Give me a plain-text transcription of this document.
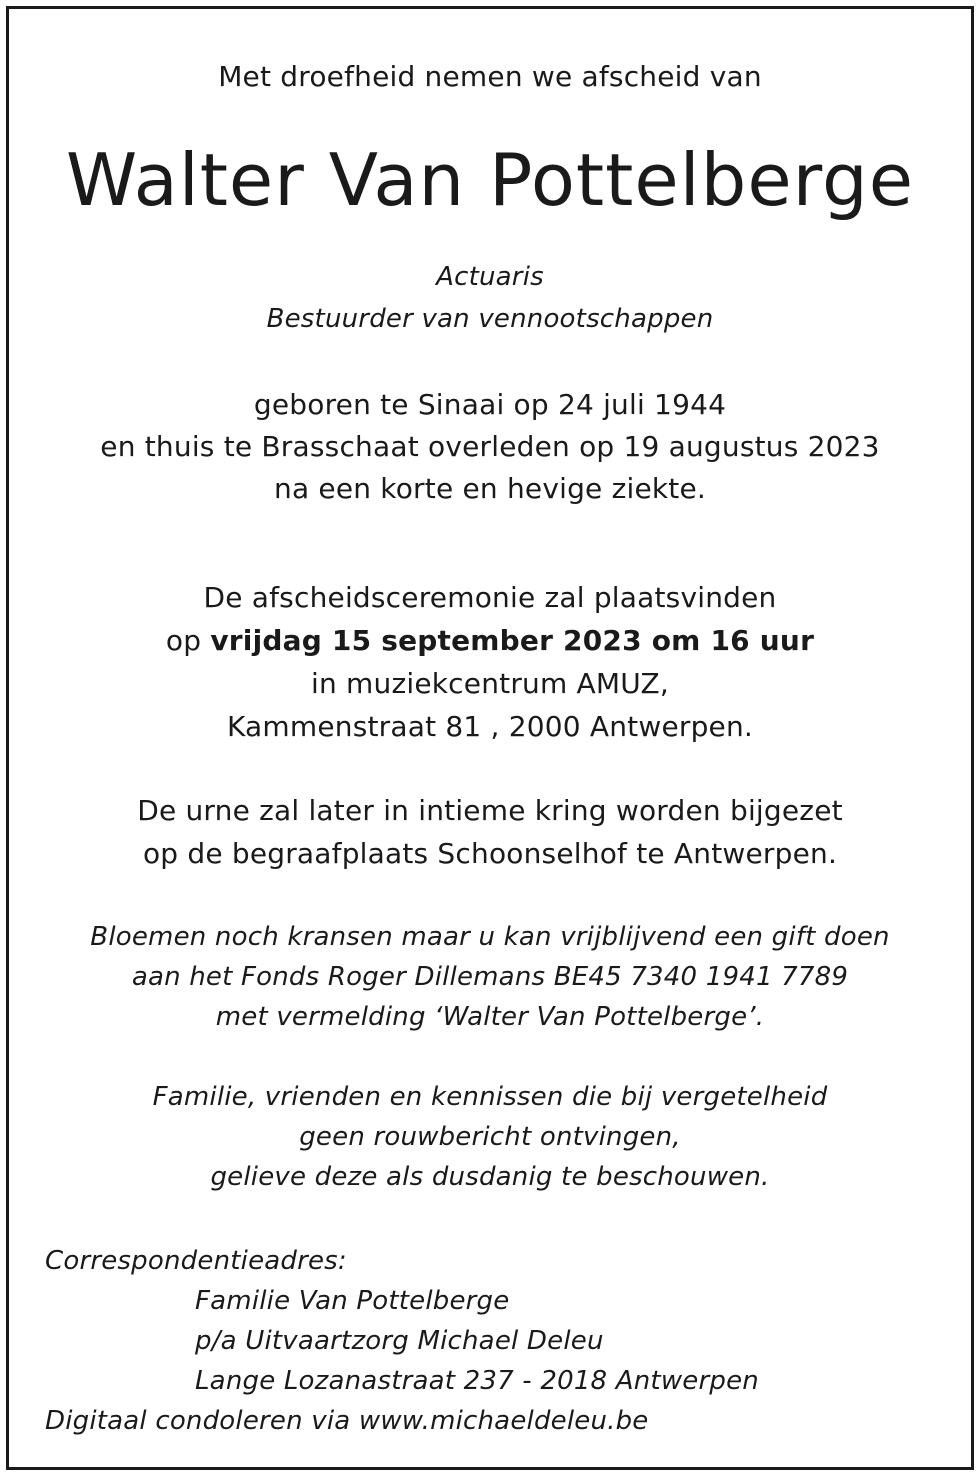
Met droefheid nemen we afscheid van
Walter Van Pottelberge
Actuaris
Bestuurder van vennootschappen
geboren te Sinaai op 24 juli 1944
en thuis te Brasschaat overleden op 19 augustus 2023
na een korte en hevige ziekte.
De afscheidsceremonie zal plaatsvinden
op vrijdag 15 september 2023 om 16 uur
in muziekcentrum AMUZ,
Kammenstraat 81 , 2000 Antwerpen.
De urne zal later in intieme kring worden bijgezet
op de begraafplaats Schoonselhof te Antwerpen.
Bloemen noch kransen maar u kan vrijblijvend een gift doen
aan het Fonds Roger Dillemans BE45 7340 1941 7789
met vermelding ‘Walter Van Pottelberge’.
Familie, vrienden en kennissen die bij vergetelheid
geen rouwbericht ontvingen,
gelieve deze als dusdanig te beschouwen.
Correspondentieadres:
Familie Van Pottelberge
p/a Uitvaartzorg Michael Deleu
Lange Lozanastraat 237 - 2018 Antwerpen
Digitaal condoleren via www.michaeldeleu.be
